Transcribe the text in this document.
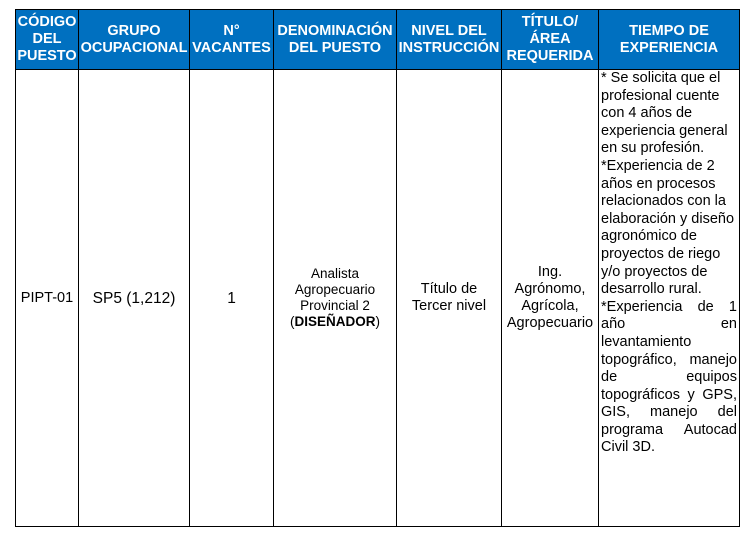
CÓDIGO DEL PUESTO	GRUPO OCUPACIONAL	N° VACANTES	DENOMINACIÓN DEL PUESTO	NIVEL DEL INSTRUCCIÓN	TÍTULO/ ÁREA REQUERIDA	TIEMPO DE EXPERIENCIA
PIPT-01	SP5 (1,212)	1	Analista Agropecuario Provincial 2 (DISEÑADOR)	Título de Tercer nivel	Ing. Agrónomo, Agrícola, Agropecuario	* Se solicita que el profesional cuente con 4 años de experiencia general en su profesión.
*Experiencia de 2 años en procesos relacionados con la elaboración y diseño agronómico de proyectos de riego y/o proyectos de desarrollo rural.
*Experiencia de 1 año en levantamiento topográfico, manejo de equipos topográficos y GPS, GIS, manejo del programa Autocad Civil 3D.
